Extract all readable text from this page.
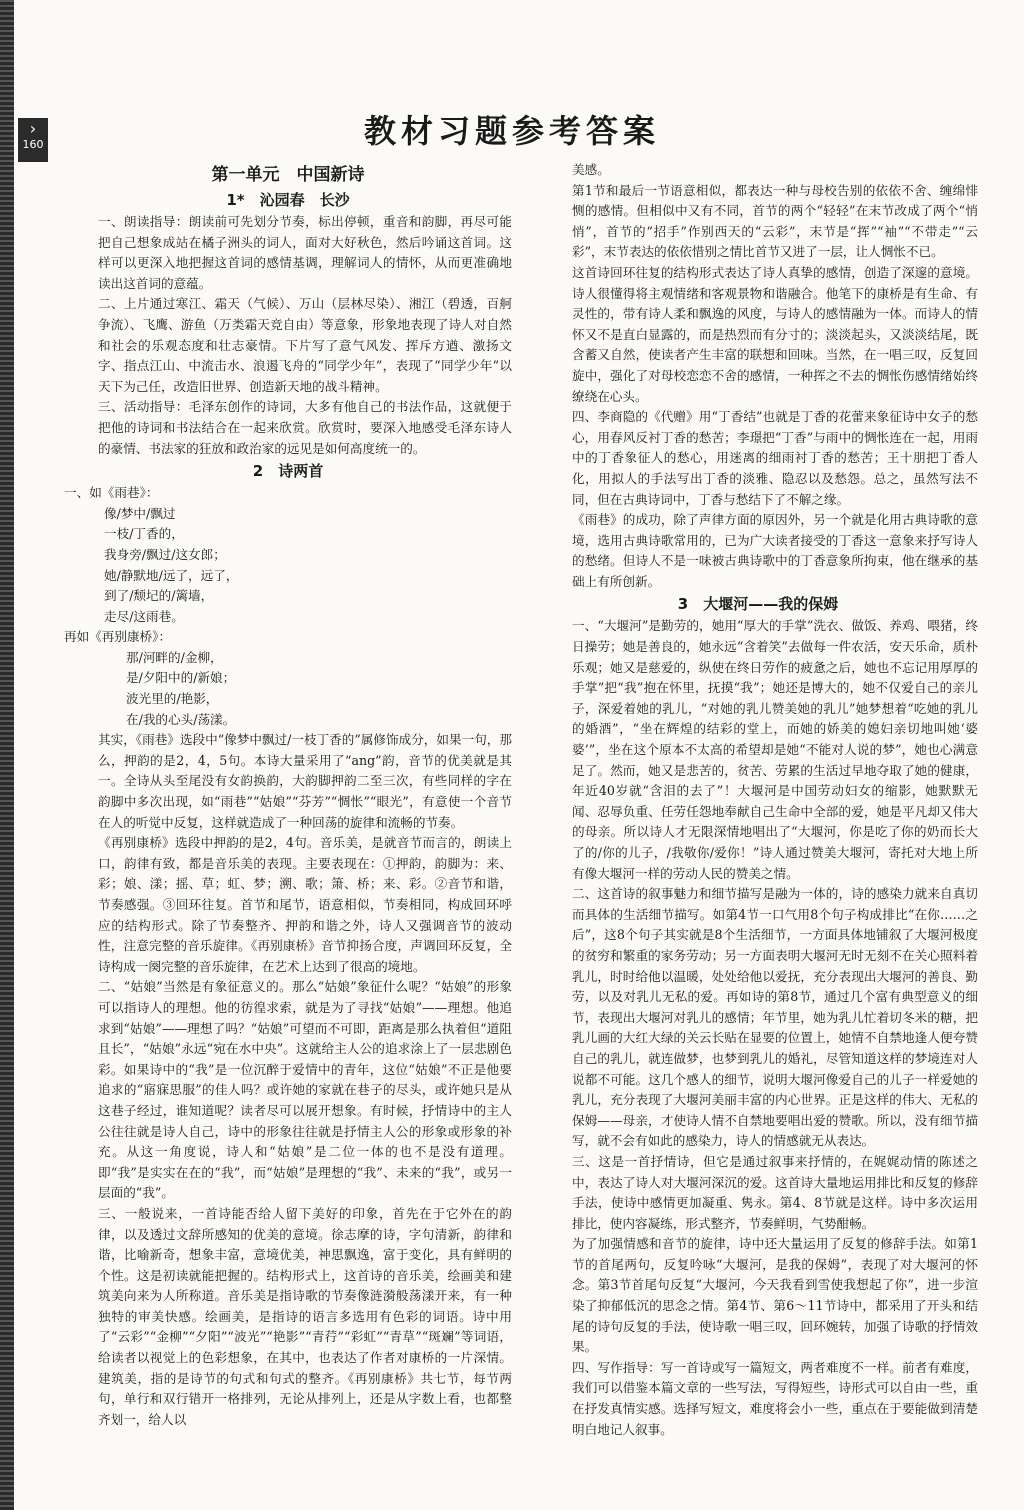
›
160	教材习题参考答案
第一单元　中国新诗
1*　沁园春　长沙

一、朗读指导：朗读前可先划分节奏，标出停顿，重音和韵脚，再尽可能把自己想象成站在橘子洲头的词人，面对大好秋色，然后吟诵这首词。这样可以更深入地把握这首词的感情基调，理解词人的情怀，从而更准确地读出这首词的意蕴。

二、上片通过寒江、霜天（气候）、万山（层林尽染）、湘江（碧透，百舸争流）、飞鹰、游鱼（万类霜天竞自由）等意象，形象地表现了诗人对自然和社会的乐观态度和壮志豪情。下片写了意气风发、挥斥方遒、激扬文字、指点江山、中流击水、浪遏飞舟的“同学少年”，表现了“同学少年”以天下为己任，改造旧世界、创造新天地的战斗精神。

三、活动指导：毛泽东创作的诗词，大多有他自己的书法作品，这就便于把他的诗词和书法结合在一起来欣赏。欣赏时，要深入地感受毛泽东诗人的豪情、书法家的狂放和政治家的远见是如何高度统一的。

2　诗两首
一、如《雨巷》：
像/梦中/飘过
一枝/丁香的，
我身旁/飘过/这女郎；
她/静默地/远了，远了，
到了/颓圮的/篱墙，
走尽/这雨巷。
再如《再别康桥》：
那/河畔的/金柳，
是/夕阳中的/新娘；
波光里的/艳影，
在/我的心头/荡漾。

其实，《雨巷》选段中“像梦中飘过/一枝丁香的”属修饰成分，如果一句，那么，押韵的是2，4，5句。本诗大量采用了“ang”韵，音节的优美就是其一。全诗从头至尾没有女韵换韵，大韵脚押韵二至三次，有些同样的字在韵脚中多次出现，如“雨巷”“姑娘”“芬芳”“惆怅”“眼光”，有意使一个音节在人的听觉中反复，这样就造成了一种回荡的旋律和流畅的节奏。

《再别康桥》选段中押韵的是2，4句。音乐美，是就音节而言的，朗读上口，韵律有致，都是音乐美的表现。主要表现在：①押韵，韵脚为：来、彩；娘、漾；摇、草；虹、梦；溯、歌；箫、桥；来、彩。②音节和谐，节奏感强。③回环往复。首节和尾节，语意相似，节奏相同，构成回环呼应的结构形式。除了节奏整齐、押韵和谐之外，诗人又强调音节的波动性，注意完整的音乐旋律。《再别康桥》音节抑扬合度，声调回环反复，全诗构成一阕完整的音乐旋律，在艺术上达到了很高的境地。

二、“姑娘”当然是有象征意义的。那么“姑娘”象征什么呢？“姑娘”的形象可以指诗人的理想。他的彷徨求索，就是为了寻找“姑娘”——理想。他追求到“姑娘”——理想了吗？“姑娘”可望而不可即，距离是那么执着但“道阻且长”，“姑娘”永远“宛在水中央”。这就给主人公的追求涂上了一层悲剧色彩。如果诗中的“我”是一位沉醉于爱情中的青年，这位“姑娘”不正是他要追求的“寤寐思服”的佳人吗？或许她的家就在巷子的尽头，或许她只是从这巷子经过，谁知道呢？读者尽可以展开想象。有时候，抒情诗中的主人公往往就是诗人自己，诗中的形象往往就是抒情主人公的形象或形象的补充。从这一角度说，诗人和“姑娘”是二位一体的也不是没有道理。即“我”是实实在在的“我”，而“姑娘”是理想的“我”、未来的“我”，或另一层面的“我”。

三、一般说来，一首诗能否给人留下美好的印象，首先在于它外在的韵律，以及透过文辞所感知的优美的意境。徐志摩的诗，字句清新，韵律和谐，比喻新奇，想象丰富，意境优美，神思飘逸，富于变化，具有鲜明的个性。这是初读就能把握的。结构形式上，这首诗的音乐美，绘画美和建筑美向来为人所称道。音乐美是指诗歌的节奏像涟漪般荡漾开来，有一种独特的审美快感。绘画美，是指诗的语言多选用有色彩的词语。诗中用了“云彩”“金柳”“夕阳”“波光”“艳影”“青荇”“彩虹”“青草”“斑斓”等词语，给读者以视觉上的色彩想象，在其中，也表达了作者对康桥的一片深情。建筑美，指的是诗节的句式和句式的整齐。《再别康桥》共七节，每节两句，单行和双行错开一格排列，无论从排列上，还是从字数上看，也都整齐划一，给人以

美感。

第1节和最后一节语意相似，都表达一种与母校告别的依依不舍、缠绵悱恻的感情。但相似中又有不同，首节的两个“轻轻”在末节改成了两个“悄悄”，首节的“招手”作别西天的“云彩”，末节是“挥”“袖”“不带走”“云彩”，末节表达的依依惜别之情比首节又进了一层，让人惆怅不已。

这首诗回环往复的结构形式表达了诗人真挚的感情，创造了深邃的意境。诗人很懂得将主观情绪和客观景物和谐融合。他笔下的康桥是有生命、有灵性的，带有诗人柔和飘逸的风度，与诗人的感情融为一体。而诗人的情怀又不是直白显露的，而是热烈而有分寸的；淡淡起头，又淡淡结尾，既含蓄又自然，使读者产生丰富的联想和回味。当然，在一唱三叹，反复回旋中，强化了对母校恋恋不舍的感情，一种挥之不去的惆怅伤感情绪始终缭绕在心头。

四、李商隐的《代赠》用“丁香结”也就是丁香的花蕾来象征诗中女子的愁心，用春风反衬丁香的愁苦；李璟把“丁香”与雨中的惆怅连在一起，用雨中的丁香象征人的愁心，用迷离的细雨衬丁香的愁苦；王十朋把丁香人化，用拟人的手法写出丁香的淡雅、隐忍以及愁怨。总之，虽然写法不同，但在古典诗词中，丁香与愁结下了不解之缘。

《雨巷》的成功，除了声律方面的原因外，另一个就是化用古典诗歌的意境，选用古典诗歌常用的，已为广大读者接受的丁香这一意象来抒写诗人的愁绪。但诗人不是一味被古典诗歌中的丁香意象所拘束，他在继承的基础上有所创新。

3　大堰河——我的保姆

一、“大堰河”是勤劳的，她用“厚大的手掌”洗衣、做饭、养鸡、喂猪，终日操劳；她是善良的，她永远“含着笑”去做每一件农活，安天乐命，质朴乐观；她又是慈爱的，纵使在终日劳作的疲惫之后，她也不忘记用厚厚的手掌”把“我”抱在怀里，抚摸“我”；她还是博大的，她不仅爱自己的亲儿子，深爱着她的乳儿，“对她的乳儿赞美她的乳儿”她梦想着“吃她的乳儿的婚酒”，“坐在辉煌的结彩的堂上，而她的娇美的媳妇亲切地叫她‘婆婆’”，坐在这个原本不太高的希望却是她“不能对人说的梦”，她也心满意足了。然而，她又是悲苦的，贫苦、劳累的生活过早地夺取了她的健康，年近40岁就“含泪的去了”！大堰河是中国劳动妇女的缩影，她默默无闻、忍辱负重、任劳任怨地奉献自己生命中全部的爱，她是平凡却又伟大的母亲。所以诗人才无限深情地唱出了“大堰河，你是吃了你的奶而长大了的/你的儿子，/我敬你/爱你！”诗人通过赞美大堰河，寄托对大地上所有像大堰河一样的劳动人民的赞美之情。

二、这首诗的叙事魅力和细节描写是融为一体的，诗的感染力就来自真切而具体的生活细节描写。如第4节一口气用8个句子构成排比“在你……之后”，这8个句子其实就是8个生活细节，一方面具体地铺叙了大堰河极度的贫穷和繁重的家务劳动；另一方面表明大堰河无时无刻不在关心照料着乳儿，时时给他以温暖，处处给他以爱抚，充分表现出大堰河的善良、勤劳，以及对乳儿无私的爱。再如诗的第8节，通过几个富有典型意义的细节，表现出大堰河对乳儿的感情；年节里，她为乳儿忙着切冬米的糖，把乳儿画的大红大绿的关云长贴在显要的位置上，她情不自禁地逢人便夸赞自己的乳儿，就连做梦，也梦到乳儿的婚礼，尽管知道这样的梦境连对人说都不可能。这几个感人的细节，说明大堰河像爱自己的儿子一样爱她的乳儿，充分表现了大堰河美丽丰富的内心世界。正是这样的伟大、无私的保姆——母亲，才使诗人情不自禁地要唱出爱的赞歌。所以，没有细节描写，就不会有如此的感染力，诗人的情感就无从表达。

三、这是一首抒情诗，但它是通过叙事来抒情的，在娓娓动情的陈述之中，表达了诗人对大堰河深沉的爱。这首诗大量地运用排比和反复的修辞手法，使诗中感情更加凝重、隽永。第4、8节就是这样。诗中多次运用排比，使内容凝练，形式整齐，节奏鲜明，气势酣畅。

为了加强情感和音节的旋律，诗中还大量运用了反复的修辞手法。如第1节的首尾两句，反复吟咏“大堰河，是我的保姆”，表现了对大堰河的怀念。第3节首尾句反复“大堰河，今天我看到雪使我想起了你”，进一步渲染了抑郁低沉的思念之情。第4节、第6～11节诗中，都采用了开头和结尾的诗句反复的手法，使诗歌一唱三叹，回环婉转，加强了诗歌的抒情效果。

四、写作指导：写一首诗或写一篇短文，两者难度不一样。前者有难度，我们可以借鉴本篇文章的一些写法，写得短些，诗形式可以自由一些，重在抒发真情实感。选择写短文，难度将会小一些，重点在于要能做到清楚明白地记人叙事。
